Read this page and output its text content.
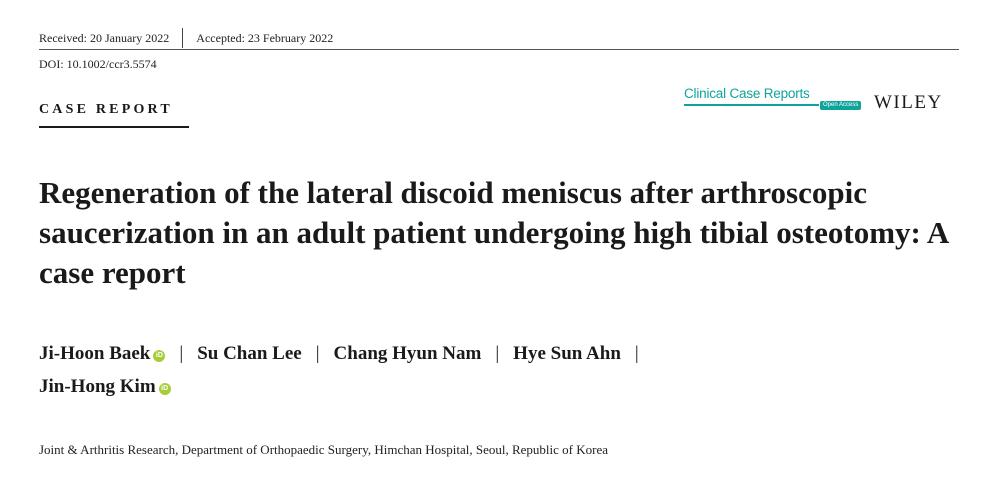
Received: 20 January 2022 Accepted: 23 February 2022
DOI: 10.1002/ccr3.5574
CASE REPORT
Clinical Case Reports
Open Access WILEY
Regeneration of the lateral discoid meniscus after arthroscopic saucerization in an adult patient undergoing high tibial osteotomy: A case report
Ji-Hoon Baek iD | Su Chan Lee | Chang Hyun Nam | Hye Sun Ahn |
Jin-Hong Kim iD
Joint & Arthritis Research, Department of Orthopaedic Surgery, Himchan Hospital, Seoul, Republic of Korea
